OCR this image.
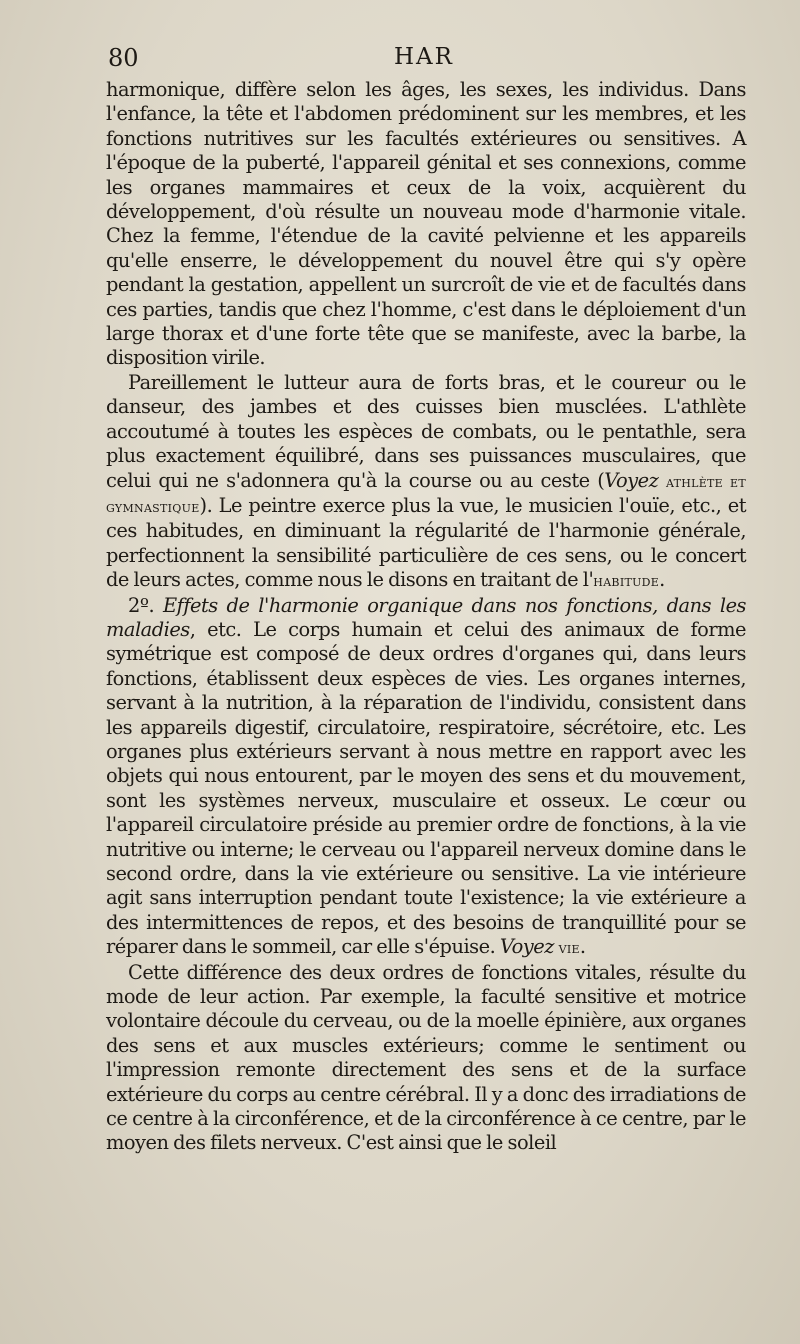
80	HAR

harmonique, diffère selon les âges, les sexes, les individus. Dans l'enfance, la tête et l'abdomen prédominent sur les membres, et les fonctions nutritives sur les facultés extérieures ou sensitives. A l'époque de la puberté, l'appareil génital et ses connexions, comme les organes mammaires et ceux de la voix, acquièrent du développement, d'où résulte un nouveau mode d'harmonie vitale. Chez la femme, l'étendue de la cavité pelvienne et les appareils qu'elle enserre, le développement du nouvel être qui s'y opère pendant la gestation, appellent un surcroît de vie et de facultés dans ces parties, tandis que chez l'homme, c'est dans le déploiement d'un large thorax et d'une forte tête que se manifeste, avec la barbe, la disposition virile.

Pareillement le lutteur aura de forts bras, et le coureur ou le danseur, des jambes et des cuisses bien musclées. L'athlète accoutumé à toutes les espèces de combats, ou le pentathle, sera plus exactement équilibré, dans ses puissances musculaires, que celui qui ne s'adonnera qu'à la course ou au ceste (Voyez athlète et gymnastique). Le peintre exerce plus la vue, le musicien l'ouïe, etc., et ces habitudes, en diminuant la régularité de l'harmonie générale, perfectionnent la sensibilité particulière de ces sens, ou le concert de leurs actes, comme nous le disons en traitant de l'habitude.

2º. Effets de l'harmonie organique dans nos fonctions, dans les maladies, etc. Le corps humain et celui des animaux de forme symétrique est composé de deux ordres d'organes qui, dans leurs fonctions, établissent deux espèces de vies. Les organes internes, servant à la nutrition, à la réparation de l'individu, consistent dans les appareils digestif, circulatoire, respiratoire, sécrétoire, etc. Les organes plus extérieurs servant à nous mettre en rapport avec les objets qui nous entourent, par le moyen des sens et du mouvement, sont les systèmes nerveux, musculaire et osseux. Le cœur ou l'appareil circulatoire préside au premier ordre de fonctions, à la vie nutritive ou interne; le cerveau ou l'appareil nerveux domine dans le second ordre, dans la vie extérieure ou sensitive. La vie intérieure agit sans interruption pendant toute l'existence; la vie extérieure a des intermittences de repos, et des besoins de tranquillité pour se réparer dans le sommeil, car elle s'épuise. Voyez vie.

Cette différence des deux ordres de fonctions vitales, résulte du mode de leur action. Par exemple, la faculté sensitive et motrice volontaire découle du cerveau, ou de la moelle épinière, aux organes des sens et aux muscles extérieurs; comme le sentiment ou l'impression remonte directement des sens et de la surface extérieure du corps au centre cérébral. Il y a donc des irradiations de ce centre à la circonférence, et de la circonférence à ce centre, par le moyen des filets nerveux. C'est ainsi que le soleil
